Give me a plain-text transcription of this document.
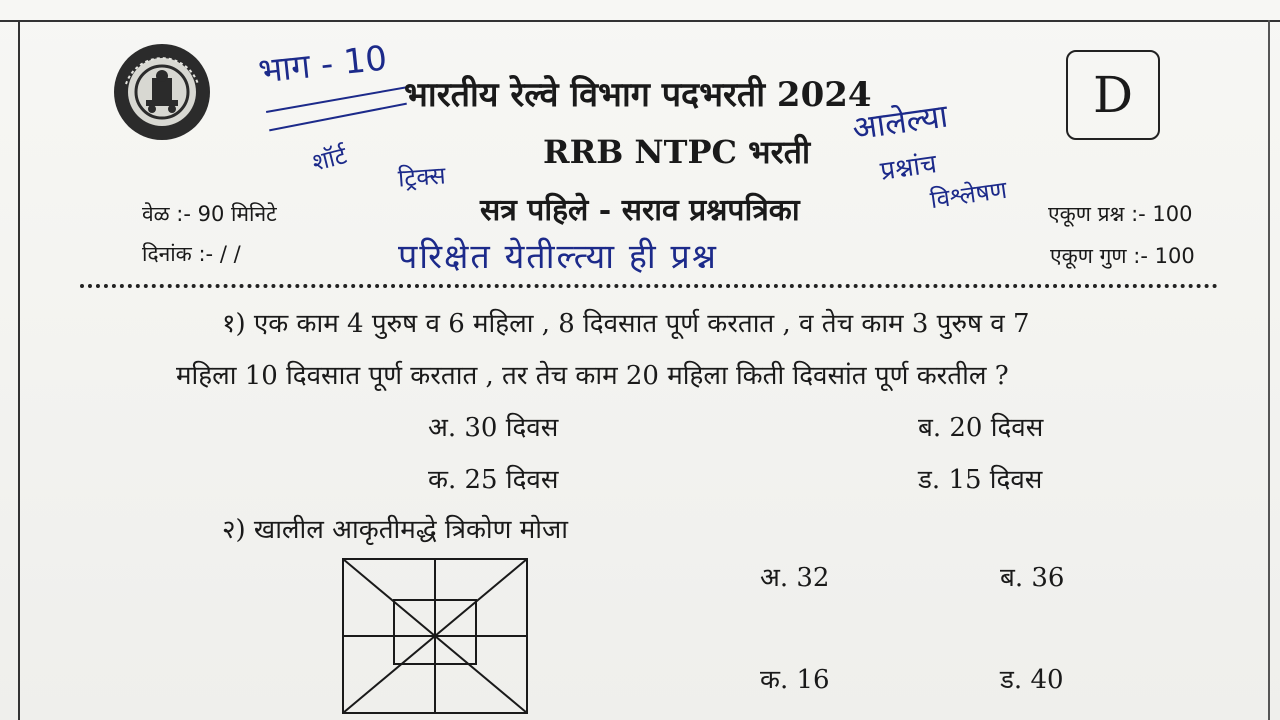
भाग - 10
शॉर्ट
ट्रिक्स
आलेल्या
प्रश्नांच
विश्लेषण
परिक्षेत येतील्त्या ही प्रश्न
भारतीय रेल्वे विभाग पदभरती 2024
RRB NTPC भरती
सत्र पहिले - सराव प्रश्नपत्रिका
D
वेळ :- 90 मिनिटे
दिनांक :- / /
एकूण प्रश्न :- 100
एकूण गुण :- 100
१) एक काम 4 पुरुष व 6 महिला , 8 दिवसात पूर्ण करतात , व तेच काम 3 पुरुष व 7
महिला 10 दिवसात पूर्ण करतात , तर तेच काम 20 महिला किती दिवसांत पूर्ण करतील ?
अ. 30 दिवस	ब. 20 दिवस
क. 25 दिवस	ड. 15 दिवस
२) खालील आकृतीमद्धे त्रिकोण मोजा
अ. 32	ब. 36
क. 16	ड. 40
